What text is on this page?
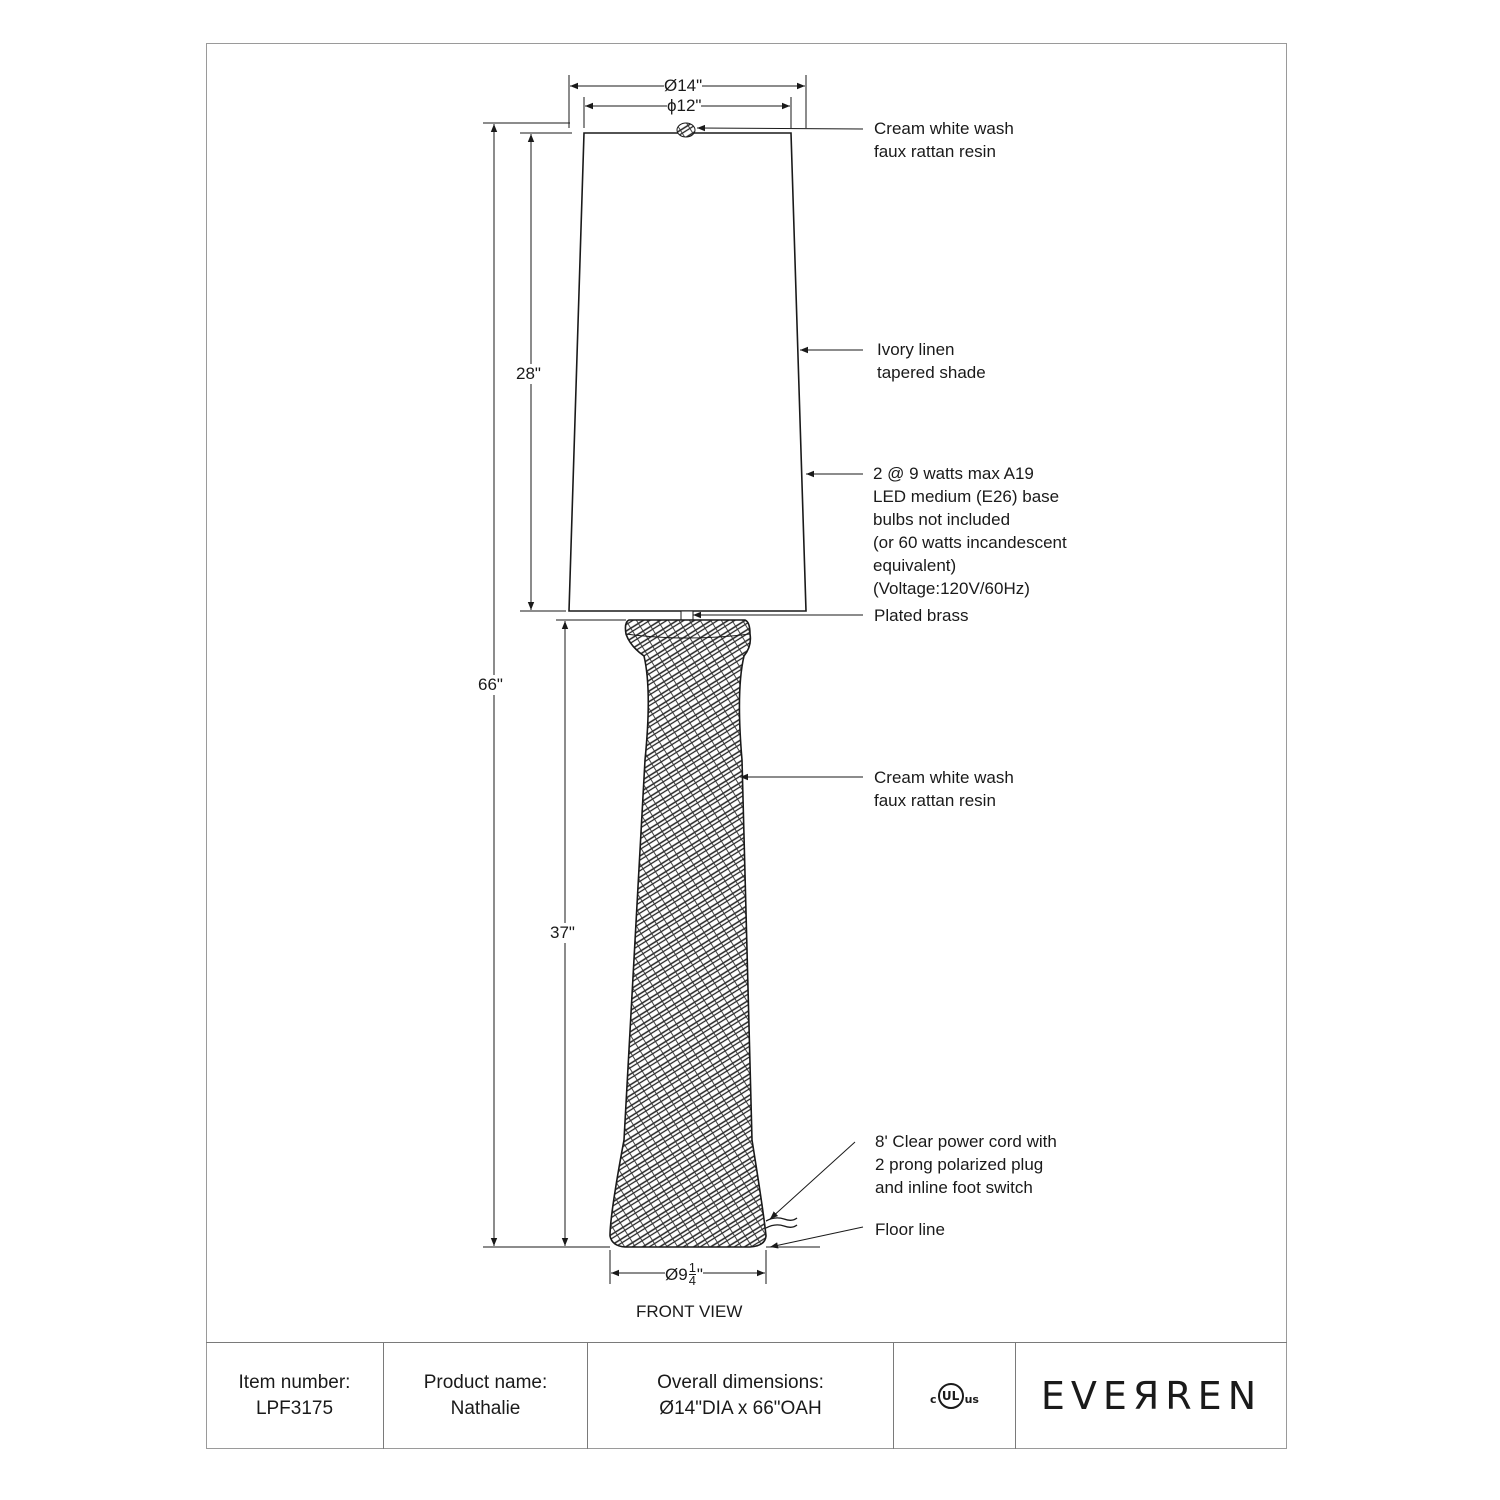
Ø14"
ϕ12"
28"
66"
37"
Ø9 $\frac{1}{4}$ "
Cream white wash
faux rattan resin
Ivory linen
tapered shade
2 @ 9 watts max A19
LED medium (E26) base
bulbs not included
(or 60 watts incandescent
equivalent)
(Voltage:120V/60Hz)
Plated brass
Cream white wash
faux rattan resin
8' Clear power cord with
2 prong polarized plug
and inline foot switch
Floor line
FRONT VIEW
Item number:
LPF3175
Product name:
Nathalie
Overall dimensions:
Ø14"DIA x 66"OAH	c UL us EVEЯREN
